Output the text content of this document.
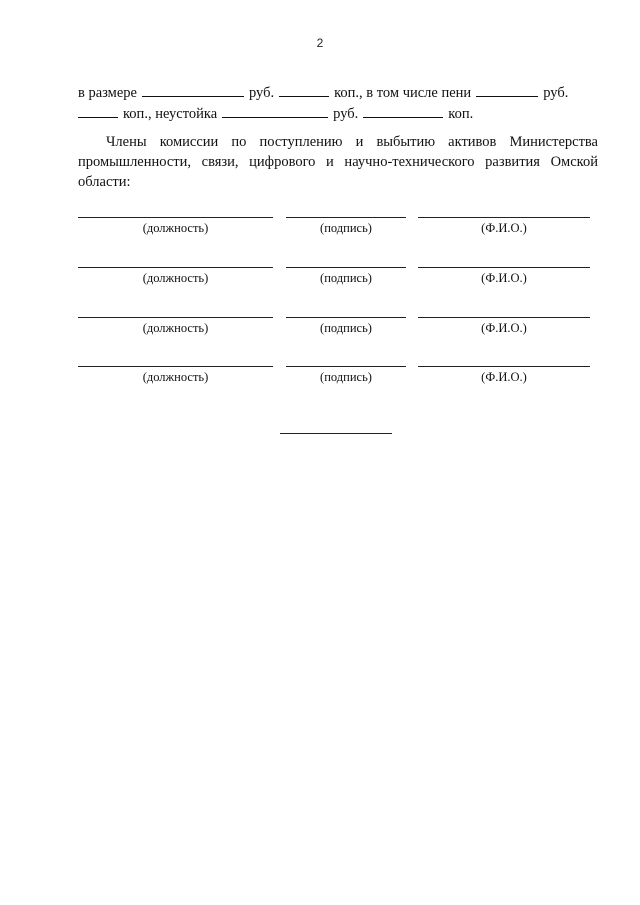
2
в размере	руб.	коп., в том числе пени	руб.
коп., неустойка	руб.	коп.

Члены комиссии по поступлению и выбытию активов Министерства промышленности, связи, цифрового и научно-технического развития Омской области:

(должность)	(подпись)	(Ф.И.О.)
(должность)	(подпись)	(Ф.И.О.)
(должность)	(подпись)	(Ф.И.О.)
(должность)	(подпись)	(Ф.И.О.)
